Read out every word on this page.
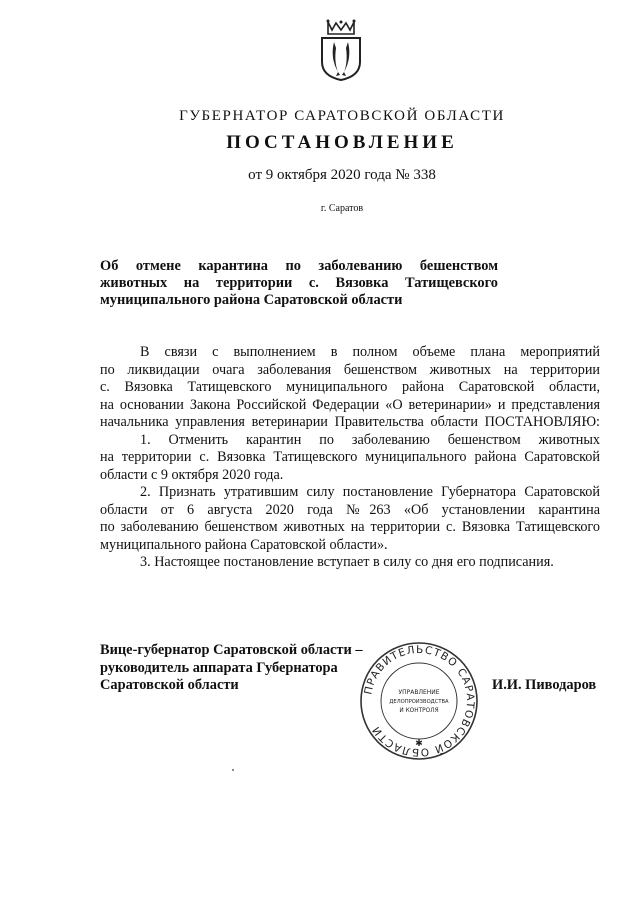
ГУБЕРНАТОР САРАТОВСКОЙ ОБЛАСТИ
ПОСТАНОВЛЕНИЕ
от 9 октября 2020 года № 338
г. Саратов

Об отмене карантина по заболеванию бешенством
животных на территории с. Вязовка Татищевского
муниципального района Саратовской области

В связи с выполнением в полном объеме плана мероприятий
по ликвидации очага заболевания бешенством животных на территории
с. Вязовка Татищевского муниципального района Саратовской области,
на основании Закона Российской Федерации «О ветеринарии» и представления
начальника управления ветеринарии Правительства области ПОСТАНОВЛЯЮ:
1. Отменить карантин по заболеванию бешенством животных
на территории с. Вязовка Татищевского муниципального района Саратовской
области с 9 октября 2020 года.
2. Признать утратившим силу постановление Губернатора Саратовской
области от 6 августа 2020 года №263 «Об установлении карантина
по заболеванию бешенством животных на территории с. Вязовка Татищевского
муниципального района Саратовской области».
3. Настоящее постановление вступает в силу со дня его подписания.
Вице-губернатор Саратовской области –
руководитель аппарата Губернатора
Саратовской области	ПРАВИТЕЛЬСТВО САРАТОВСКОЙ ОБЛАСТИ
УПРАВЛЕНИЕ
ДЕЛОПРОИЗВОДСТВА
И КОНТРОЛЯ
✱
И.И. Пиводаров
